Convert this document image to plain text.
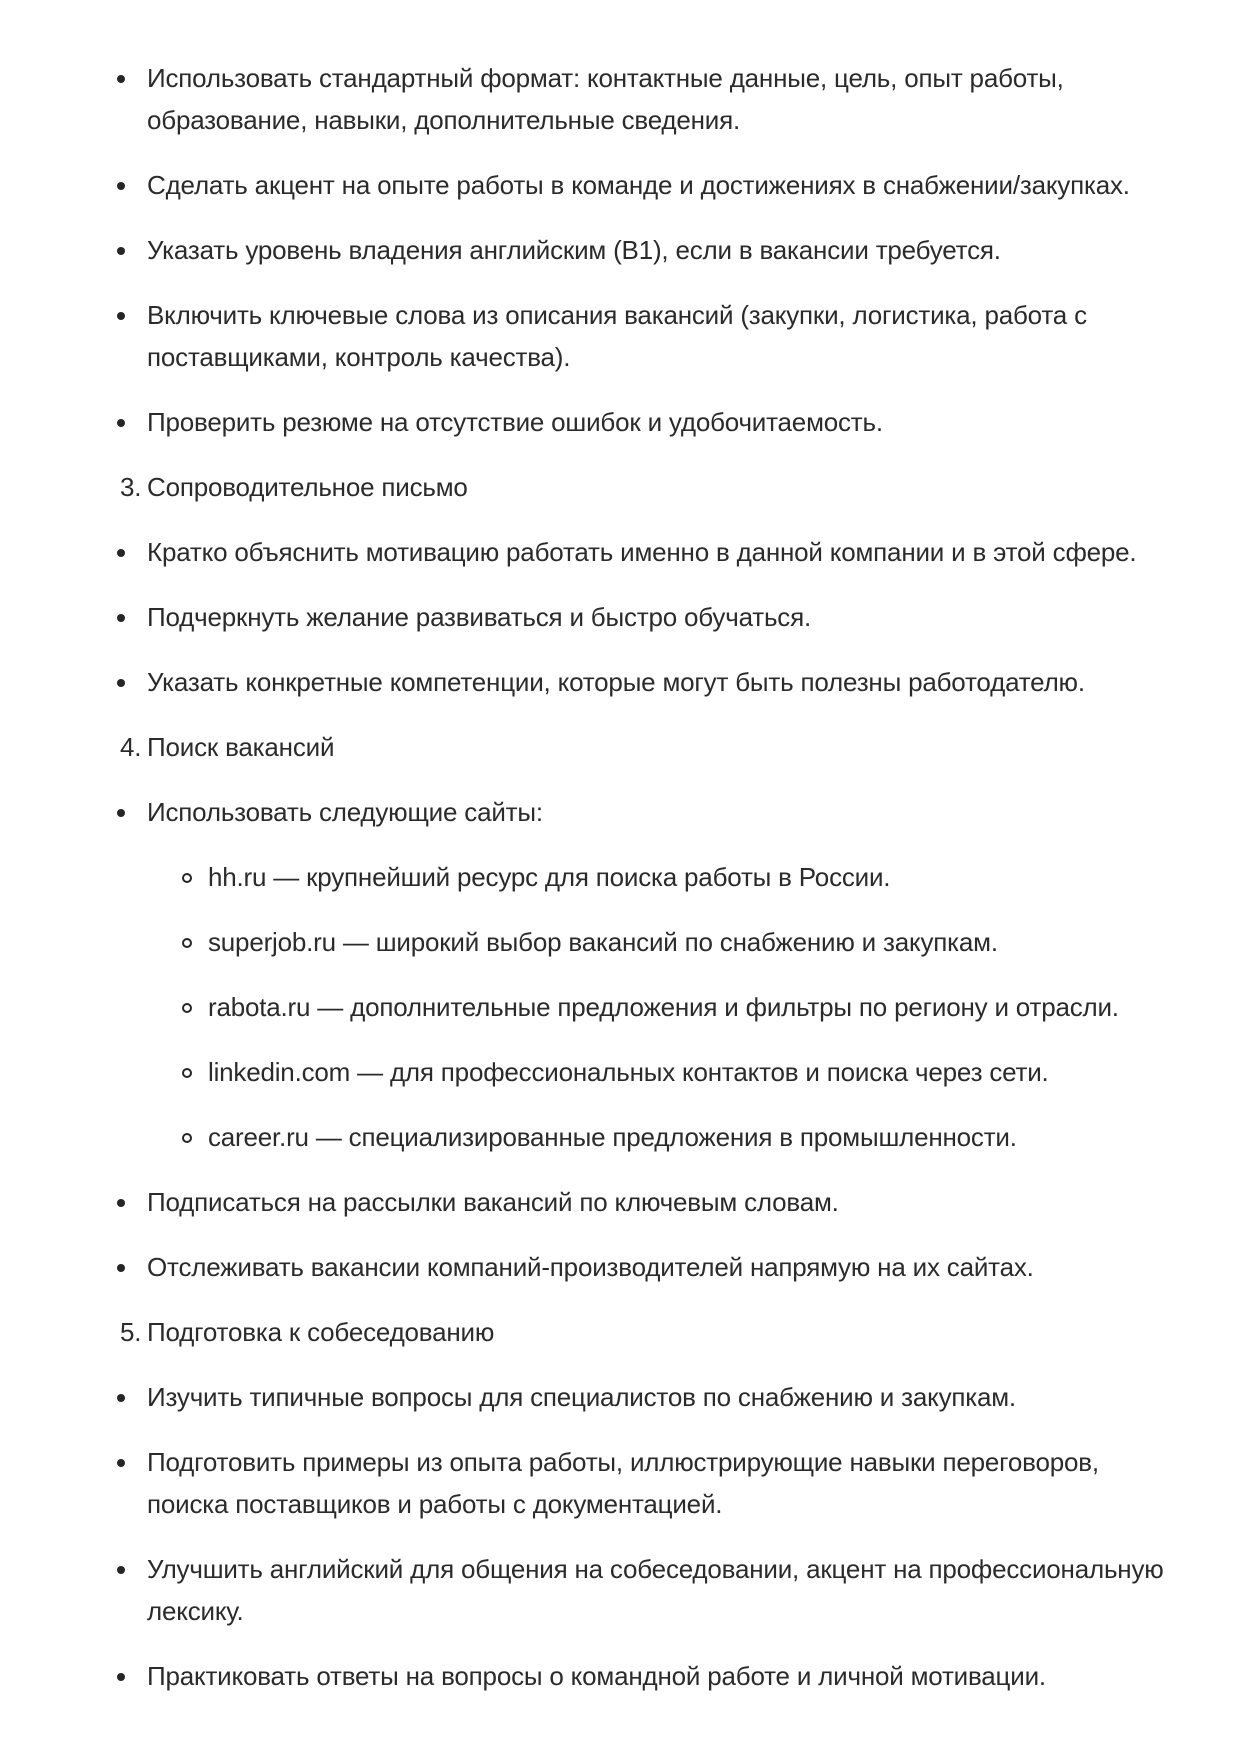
Использовать стандартный формат: контактные данные, цель, опыт работы,
образование, навыки, дополнительные сведения.
Сделать акцент на опыте работы в команде и достижениях в снабжении/закупках.
Указать уровень владения английским (B1), если в вакансии требуется.
Включить ключевые слова из описания вакансий (закупки, логистика, работа с
поставщиками, контроль качества).
Проверить резюме на отсутствие ошибок и удобочитаемость.
3. Сопроводительное письмо
Кратко объяснить мотивацию работать именно в данной компании и в этой сфере.
Подчеркнуть желание развиваться и быстро обучаться.
Указать конкретные компетенции, которые могут быть полезны работодателю.
4. Поиск вакансий
Использовать следующие сайты:
hh.ru — крупнейший ресурс для поиска работы в России.
superjob.ru — широкий выбор вакансий по снабжению и закупкам.
rabota.ru — дополнительные предложения и фильтры по региону и отрасли.
linkedin.com — для профессиональных контактов и поиска через сети.
career.ru — специализированные предложения в промышленности.
Подписаться на рассылки вакансий по ключевым словам.
Отслеживать вакансии компаний-производителей напрямую на их сайтах.
5. Подготовка к собеседованию
Изучить типичные вопросы для специалистов по снабжению и закупкам.
Подготовить примеры из опыта работы, иллюстрирующие навыки переговоров,
поиска поставщиков и работы с документацией.
Улучшить английский для общения на собеседовании, акцент на профессиональную
лексику.
Практиковать ответы на вопросы о командной работе и личной мотивации.
